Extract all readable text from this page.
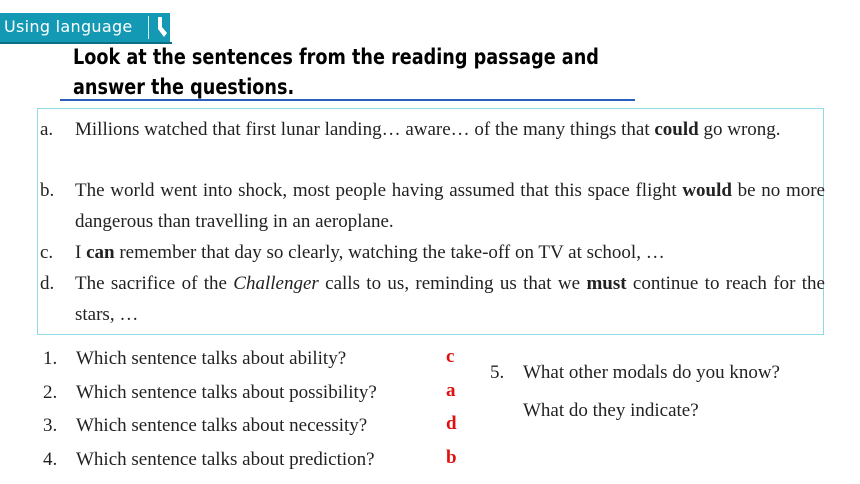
Using language
Look at the sentences from the reading passage and
answer the questions.
a. Millions watched that first lunar landing… aware… of the many things that could go wrong.
b. The world went into shock, most people having assumed that this space flight would be no more dangerous than travelling in an aeroplane.
c. I can remember that day so clearly, watching the take-off on TV at school, …
d. The sacrifice of the Challenger calls to us, reminding us that we must continue to reach for the stars, …
1. Which sentence talks about ability?	c
2. Which sentence talks about possibility?	a
3. Which sentence talks about necessity?	d
4. Which sentence talks about prediction?	b
5. What other modals do you know?
What do they indicate?
